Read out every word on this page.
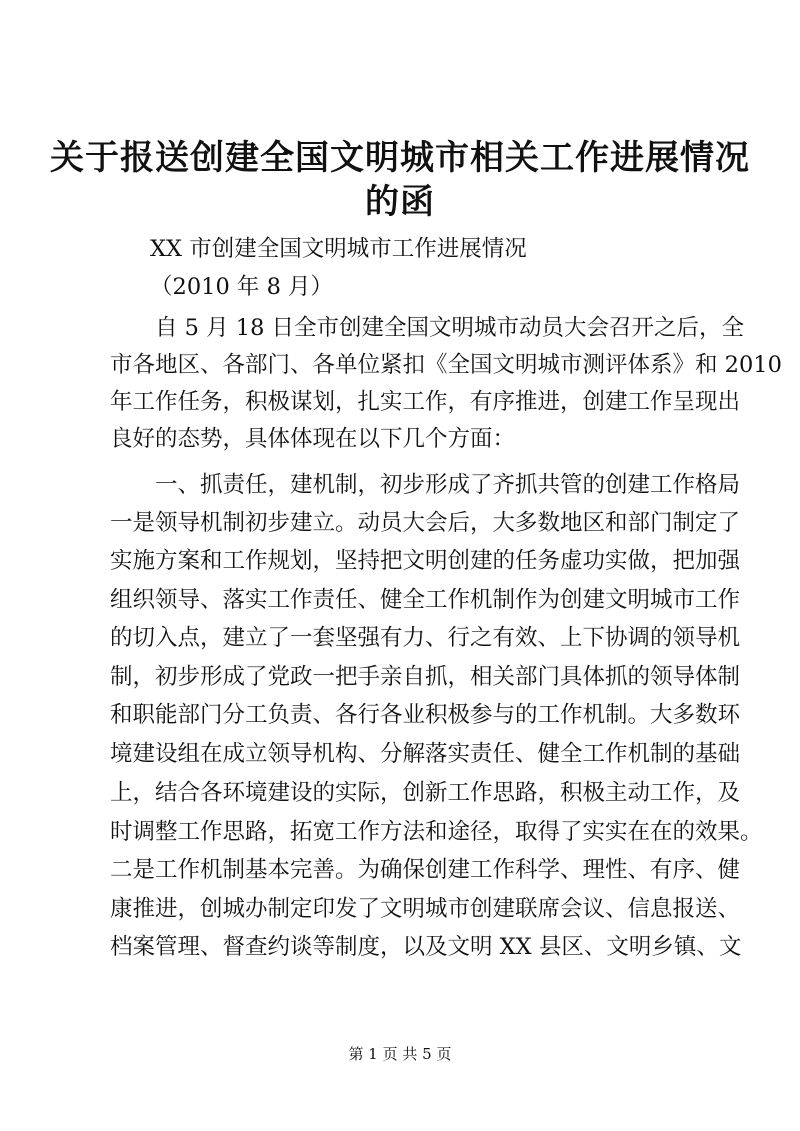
关于报送创建全国文明城市相关工作进展情况
的函
XX 市创建全国文明城市工作进展情况
（2010 年 8 月）
自 5 月 18 日全市创建全国文明城市动员大会召开之后，全
市各地区、各部门、各单位紧扣《全国文明城市测评体系》和 2010
年工作任务，积极谋划，扎实工作，有序推进，创建工作呈现出
良好的态势，具体体现在以下几个方面：
一、抓责任，建机制，初步形成了齐抓共管的创建工作格局
一是领导机制初步建立。动员大会后，大多数地区和部门制定了
实施方案和工作规划，坚持把文明创建的任务虚功实做，把加强
组织领导、落实工作责任、健全工作机制作为创建文明城市工作
的切入点，建立了一套坚强有力、行之有效、上下协调的领导机
制，初步形成了党政一把手亲自抓，相关部门具体抓的领导体制
和职能部门分工负责、各行各业积极参与的工作机制。大多数环
境建设组在成立领导机构、分解落实责任、健全工作机制的基础
上，结合各环境建设的实际，创新工作思路，积极主动工作，及
时调整工作思路，拓宽工作方法和途径，取得了实实在在的效果。
二是工作机制基本完善。为确保创建工作科学、理性、有序、健
康推进，创城办制定印发了文明城市创建联席会议、信息报送、
档案管理、督查约谈等制度，以及文明 XX 县区、文明乡镇、文
第 1 页 共 5 页
